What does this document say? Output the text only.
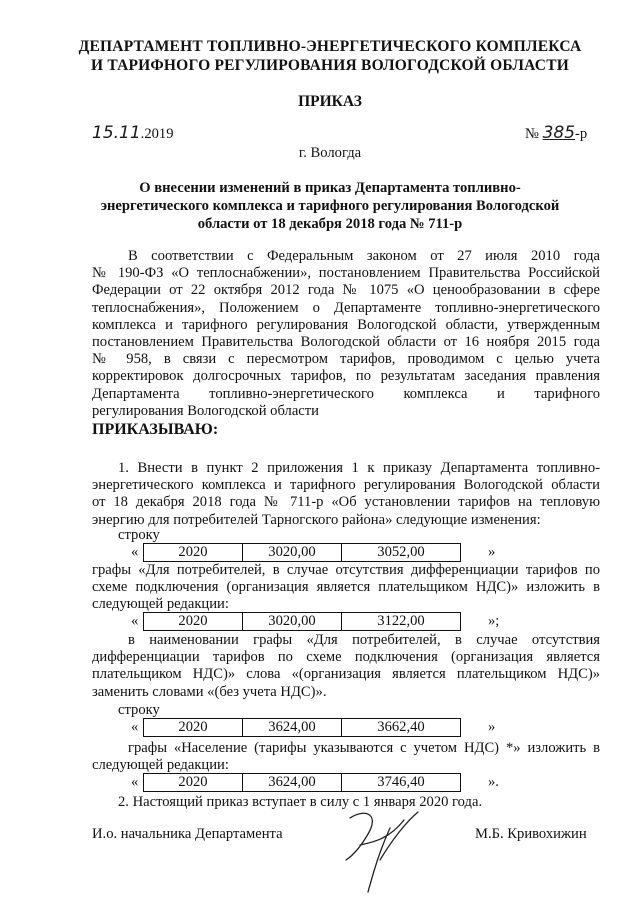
ДЕПАРТАМЕНТ ТОПЛИВНО-ЭНЕРГЕТИЧЕСКОГО КОМПЛЕКСА
И ТАРИФНОГО РЕГУЛИРОВАНИЯ ВОЛОГОДСКОЙ ОБЛАСТИ
ПРИКАЗ
15.11.2019	№ 385-р
г. Вологда
О внесении изменений в приказ Департамента топливно-
энергетического комплекса и тарифного регулирования Вологодской
области от 18 декабря 2018 года № 711-р
В соответствии с Федеральным законом от 27 июля 2010 года
№ 190-ФЗ «О теплоснабжении», постановлением Правительства Российской
Федерации от 22 октября 2012 года № 1075 «О ценообразовании в сфере
теплоснабжения», Положением о Департаменте топливно-энергетического
комплекса и тарифного регулирования Вологодской области, утвержденным
постановлением Правительства Вологодской области от 16 ноября 2015 года
№ 958, в связи с пересмотром тарифов, проводимом с целью учета
корректировок долгосрочных тарифов, по результатам заседания правления
Департамента топливно-энергетического комплекса и тарифного
регулирования Вологодской области
ПРИКАЗЫВАЮ:
1. Внести в пункт 2 приложения 1 к приказу Департамента топливно-
энергетического комплекса и тарифного регулирования Вологодской области
от 18 декабря 2018 года № 711-р «Об установлении тарифов на тепловую
энергию для потребителей Тарногского района» следующие изменения:
строку
«	2020	3020,00	3052,00	»
графы «Для потребителей, в случае отсутствия дифференциации тарифов по
схеме подключения (организация является плательщиком НДС)» изложить в
следующей редакции:
«	2020	3020,00	3122,00	»;
в наименовании графы «Для потребителей, в случае отсутствия
дифференциации тарифов по схеме подключения (организация является
плательщиком НДС)» слова «(организация является плательщиком НДС)»
заменить словами «(без учета НДС)».
строку
«	2020	3624,00	3662,40	»
графы «Население (тарифы указываются с учетом НДС) *» изложить в
следующей редакции:
«	2020	3624,00	3746,40	».
2. Настоящий приказ вступает в силу с 1 января 2020 года.
И.о. начальника Департамента	М.Б. Кривохижин
